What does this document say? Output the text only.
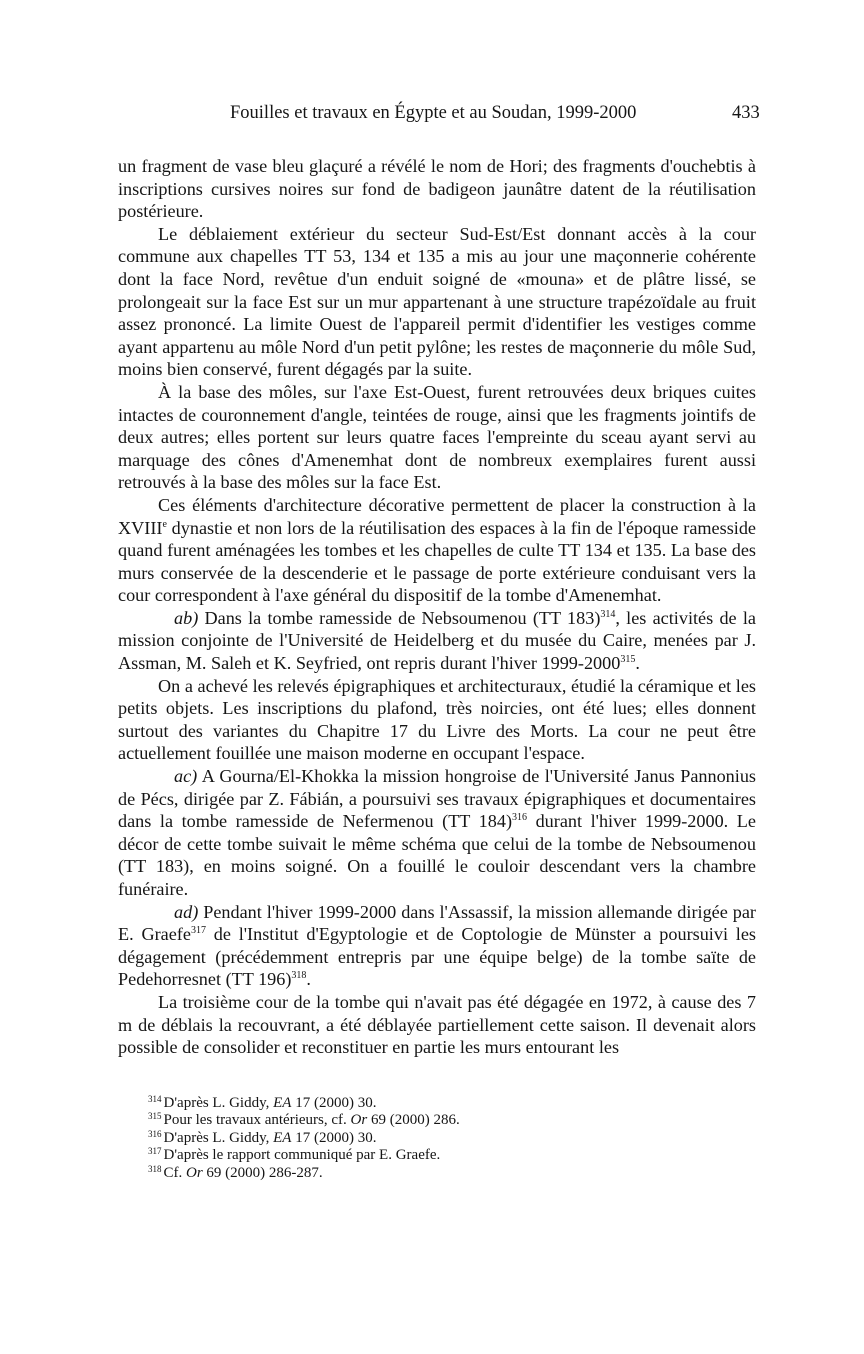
Fouilles et travaux en Égypte et au Soudan, 1999-2000	433

un fragment de vase bleu glaçuré a révélé le nom de Hori; des fragments d'ouchebtis à inscriptions cursives noires sur fond de badigeon jaunâtre datent de la réutilisation postérieure.

Le déblaiement extérieur du secteur Sud-Est/Est donnant accès à la cour commune aux chapelles TT 53, 134 et 135 a mis au jour une maçonnerie cohérente dont la face Nord, revêtue d'un enduit soigné de «mouna» et de plâtre lissé, se prolongeait sur la face Est sur un mur appartenant à une structure trapézoïdale au fruit assez prononcé. La limite Ouest de l'appareil permit d'identifier les vestiges comme ayant appartenu au môle Nord d'un petit pylône; les restes de maçonnerie du môle Sud, moins bien conservé, furent dégagés par la suite.

À la base des môles, sur l'axe Est-Ouest, furent retrouvées deux briques cuites intactes de couronnement d'angle, teintées de rouge, ainsi que les fragments jointifs de deux autres; elles portent sur leurs quatre faces l'empreinte du sceau ayant servi au marquage des cônes d'Amenemhat dont de nombreux exemplaires furent aussi retrouvés à la base des môles sur la face Est.

Ces éléments d'architecture décorative permettent de placer la construction à la XVIIIe dynastie et non lors de la réutilisation des espaces à la fin de l'époque ramesside quand furent aménagées les tombes et les chapelles de culte TT 134 et 135. La base des murs conservée de la descenderie et le passage de porte extérieure conduisant vers la cour correspondent à l'axe général du dispositif de la tombe d'Amenemhat.

ab) Dans la tombe ramesside de Nebsoumenou (TT 183)$^{314}$, les activités de la mission conjointe de l'Université de Heidelberg et du musée du Caire, menées par J. Assman, M. Saleh et K. Seyfried, ont repris durant l'hiver 1999-2000$^{315}$.

On a achevé les relevés épigraphiques et architecturaux, étudié la céramique et les petits objets. Les inscriptions du plafond, très noircies, ont été lues; elles donnent surtout des variantes du Chapitre 17 du Livre des Morts. La cour ne peut être actuellement fouillée une maison moderne en occupant l'espace.

ac) A Gourna/El-Khokka la mission hongroise de l'Université Janus Pannonius de Pécs, dirigée par Z. Fábián, a poursuivi ses travaux épigraphiques et documentaires dans la tombe ramesside de Nefermenou (TT 184)$^{316}$ durant l'hiver 1999-2000. Le décor de cette tombe suivait le même schéma que celui de la tombe de Nebsoumenou (TT 183), en moins soigné. On a fouillé le couloir descendant vers la chambre funéraire.

ad) Pendant l'hiver 1999-2000 dans l'Assassif, la mission allemande dirigée par E. Graefe$^{317}$ de l'Institut d'Egyptologie et de Coptologie de Münster a poursuivi les dégagement (précédemment entrepris par une équipe belge) de la tombe saïte de Pedehorresnet (TT 196)$^{318}$.

La troisième cour de la tombe qui n'avait pas été dégagée en 1972, à cause des 7 m de déblais la recouvrant, a été déblayée partiellement cette saison. Il devenait alors possible de consolider et reconstituer en partie les murs entourant les

$^{314}$ D'après L. Giddy, EA 17 (2000) 30.
$^{315}$ Pour les travaux antérieurs, cf. Or 69 (2000) 286.
$^{316}$ D'après L. Giddy, EA 17 (2000) 30.
$^{317}$ D'après le rapport communiqué par E. Graefe.
$^{318}$ Cf. Or 69 (2000) 286-287.
